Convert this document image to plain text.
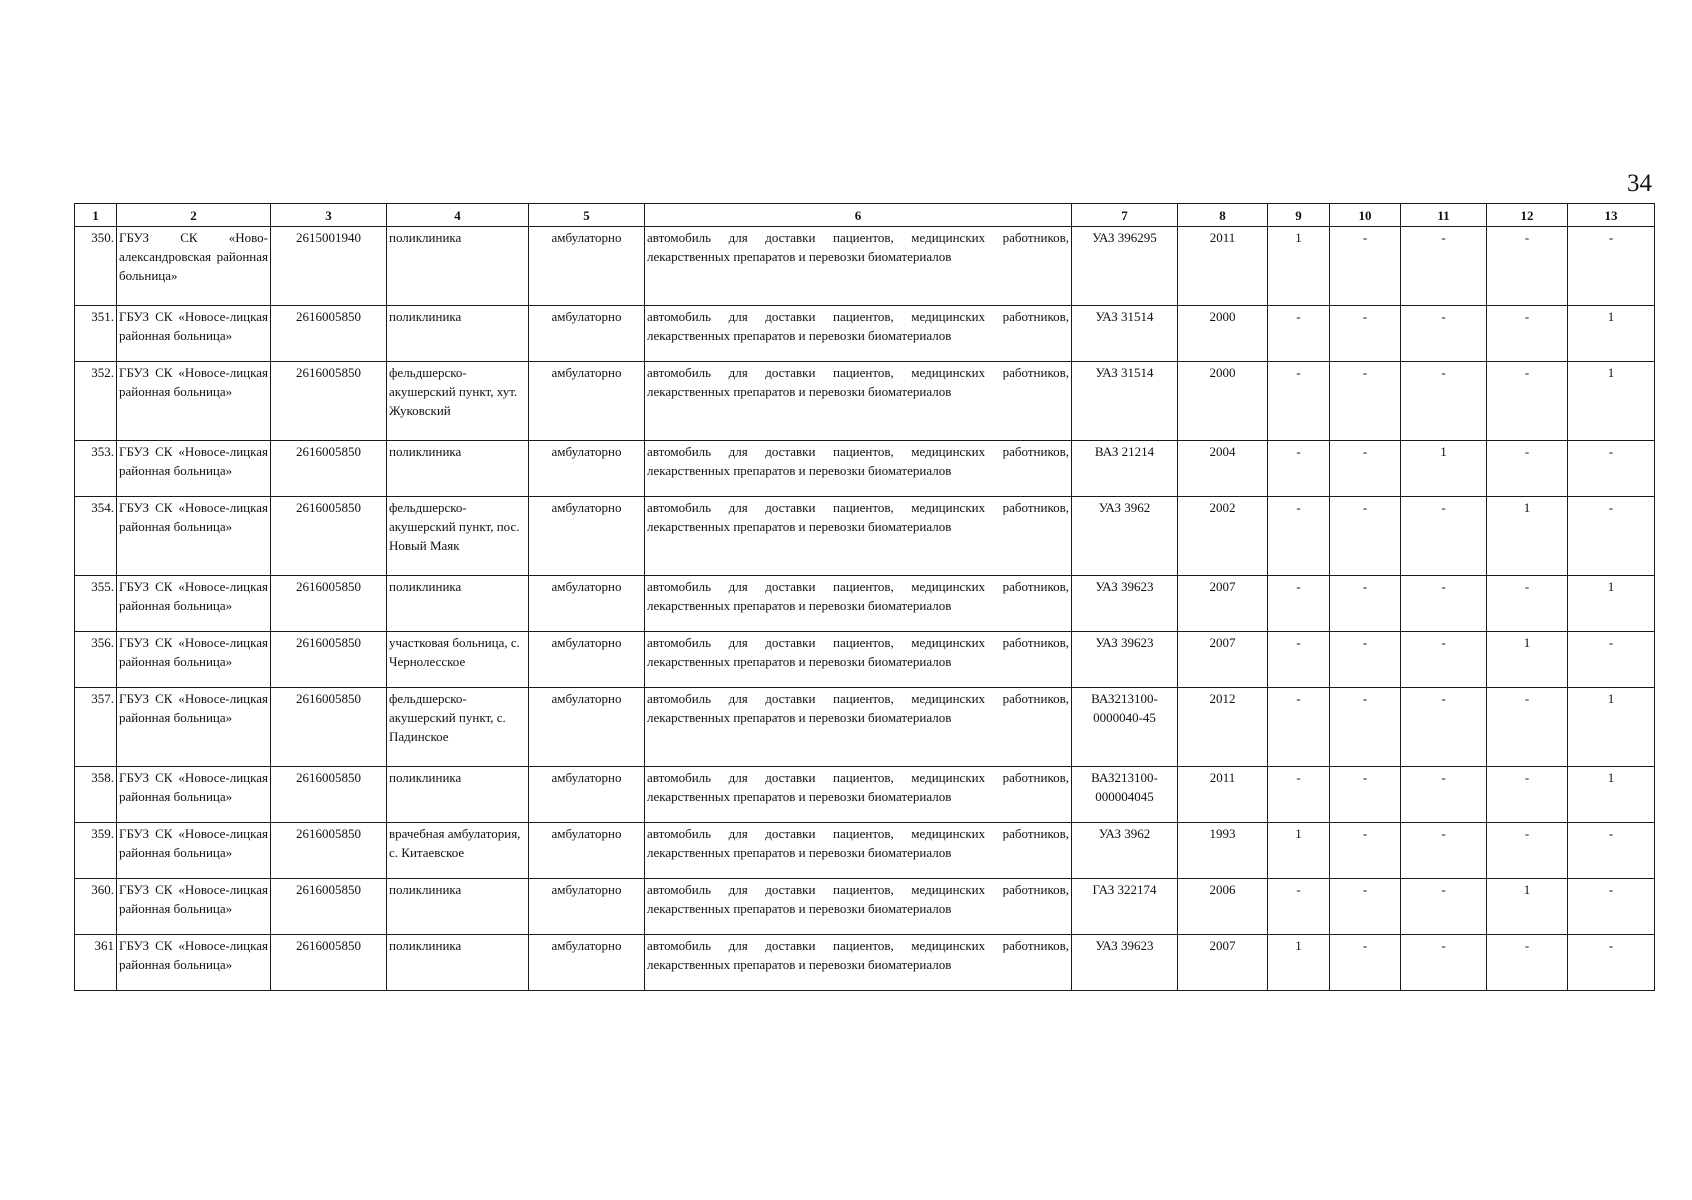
34
1	2	3	4	5	6	7	8	9	10	11	12	13
350.	ГБУЗ СК «Ново-александровская районная больница»	2615001940	поликлиника	амбулаторно	автомобиль для доставки пациентов, медицинских работников, лекарственных препаратов и перевозки биоматериалов	УАЗ 396295	2011	1	-	-	-	-
351.	ГБУЗ СК «Новосе-лицкая районная больница»	2616005850	поликлиника	амбулаторно	автомобиль для доставки пациентов, медицинских работников, лекарственных препаратов и перевозки биоматериалов	УАЗ 31514	2000	-	-	-	-	1
352.	ГБУЗ СК «Новосе-лицкая районная больница»	2616005850	фельдшерско-акушерский пункт, хут. Жуковский	амбулаторно	автомобиль для доставки пациентов, медицинских работников, лекарственных препаратов и перевозки биоматериалов	УАЗ 31514	2000	-	-	-	-	1
353.	ГБУЗ СК «Новосе-лицкая районная больница»	2616005850	поликлиника	амбулаторно	автомобиль для доставки пациентов, медицинских работников, лекарственных препаратов и перевозки биоматериалов	ВАЗ 21214	2004	-	-	1	-	-
354.	ГБУЗ СК «Новосе-лицкая районная больница»	2616005850	фельдшерско-акушерский пункт, пос. Новый Маяк	амбулаторно	автомобиль для доставки пациентов, медицинских работников, лекарственных препаратов и перевозки биоматериалов	УАЗ 3962	2002	-	-	-	1	-
355.	ГБУЗ СК «Новосе-лицкая районная больница»	2616005850	поликлиника	амбулаторно	автомобиль для доставки пациентов, медицинских работников, лекарственных препаратов и перевозки биоматериалов	УАЗ 39623	2007	-	-	-	-	1
356.	ГБУЗ СК «Новосе-лицкая районная больница»	2616005850	участковая больница, с. Чернолесское	амбулаторно	автомобиль для доставки пациентов, медицинских работников, лекарственных препаратов и перевозки биоматериалов	УАЗ 39623	2007	-	-	-	1	-
357.	ГБУЗ СК «Новосе-лицкая районная больница»	2616005850	фельдшерско-акушерский пункт, с. Падинское	амбулаторно	автомобиль для доставки пациентов, медицинских работников, лекарственных препаратов и перевозки биоматериалов	ВАЗ213100-0000040-45	2012	-	-	-	-	1
358.	ГБУЗ СК «Новосе-лицкая районная больница»	2616005850	поликлиника	амбулаторно	автомобиль для доставки пациентов, медицинских работников, лекарственных препаратов и перевозки биоматериалов	ВАЗ213100-000004045	2011	-	-	-	-	1
359.	ГБУЗ СК «Новосе-лицкая районная больница»	2616005850	врачебная амбулатория, с. Китаевское	амбулаторно	автомобиль для доставки пациентов, медицинских работников, лекарственных препаратов и перевозки биоматериалов	УАЗ 3962	1993	1	-	-	-	-
360.	ГБУЗ СК «Новосе-лицкая районная больница»	2616005850	поликлиника	амбулаторно	автомобиль для доставки пациентов, медицинских работников, лекарственных препаратов и перевозки биоматериалов	ГАЗ 322174	2006	-	-	-	1	-
361	ГБУЗ СК «Новосе-лицкая районная больница»	2616005850	поликлиника	амбулаторно	автомобиль для доставки пациентов, медицинских работников, лекарственных препаратов и перевозки биоматериалов	УАЗ 39623	2007	1	-	-	-	-
